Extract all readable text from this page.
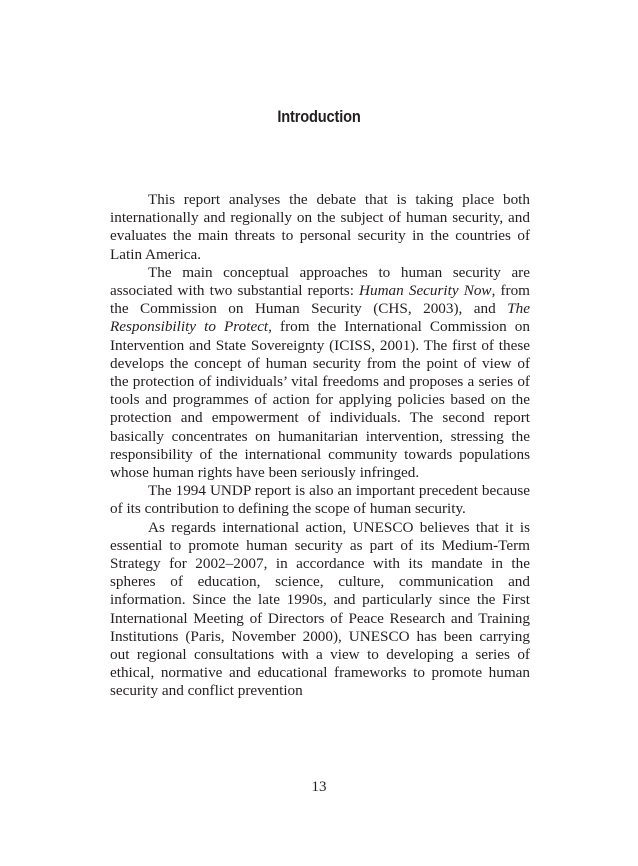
Introduction

This report analyses the debate that is taking place both internationally and regionally on the subject of human security, and evaluates the main threats to personal security in the countries of Latin America.

The main conceptual approaches to human security are associated with two substantial reports: Human Security Now, from the Commission on Human Security (CHS, 2003), and The Responsibility to Protect, from the International Commission on Intervention and State Sovereignty (ICISS, 2001). The first of these develops the concept of human security from the point of view of the protection of individuals’ vital freedoms and proposes a series of tools and programmes of action for applying policies based on the protection and empowerment of individuals. The second report basically concentrates on humanitarian intervention, stressing the responsibility of the international community towards populations whose human rights have been seriously infringed.

The 1994 UNDP report is also an important precedent because of its contribution to defining the scope of human security.

As regards international action, UNESCO believes that it is essential to promote human security as part of its Medium-Term Strategy for 2002–2007, in accordance with its mandate in the spheres of education, science, culture, communication and information. Since the late 1990s, and particularly since the First International Meeting of Directors of Peace Research and Training Institutions (Paris, November 2000), UNESCO has been carrying out regional consultations with a view to developing a series of ethical, normative and educational frameworks to promote human security and conflict prevention

13
